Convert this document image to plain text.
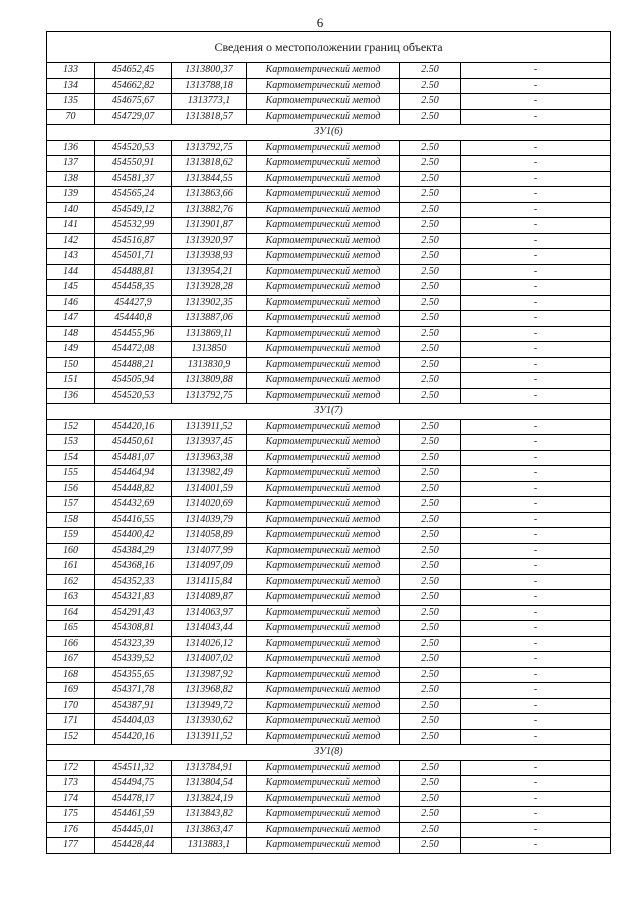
6
Сведения о местоположении границ объекта					
133	454652,45	1313800,37	Картометрический метод	2.50	-
134	454662,82	1313788,18	Картометрический метод	2.50	-
135	454675,67	1313773,1	Картометрический метод	2.50	-
70	454729,07	1313818,57	Картометрический метод	2.50	-
ЗУ1(6)					
136	454520,53	1313792,75	Картометрический метод	2.50	-
137	454550,91	1313818,62	Картометрический метод	2.50	-
138	454581,37	1313844,55	Картометрический метод	2.50	-
139	454565,24	1313863,66	Картометрический метод	2.50	-
140	454549,12	1313882,76	Картометрический метод	2.50	-
141	454532,99	1313901,87	Картометрический метод	2.50	-
142	454516,87	1313920,97	Картометрический метод	2.50	-
143	454501,71	1313938,93	Картометрический метод	2.50	-
144	454488,81	1313954,21	Картометрический метод	2.50	-
145	454458,35	1313928,28	Картометрический метод	2.50	-
146	454427,9	1313902,35	Картометрический метод	2.50	-
147	454440,8	1313887,06	Картометрический метод	2.50	-
148	454455,96	1313869,11	Картометрический метод	2.50	-
149	454472,08	1313850	Картометрический метод	2.50	-
150	454488,21	1313830,9	Картометрический метод	2.50	-
151	454505,94	1313809,88	Картометрический метод	2.50	-
136	454520,53	1313792,75	Картометрический метод	2.50	-
ЗУ1(7)					
152	454420,16	1313911,52	Картометрический метод	2.50	-
153	454450,61	1313937,45	Картометрический метод	2.50	-
154	454481,07	1313963,38	Картометрический метод	2.50	-
155	454464,94	1313982,49	Картометрический метод	2.50	-
156	454448,82	1314001,59	Картометрический метод	2.50	-
157	454432,69	1314020,69	Картометрический метод	2.50	-
158	454416,55	1314039,79	Картометрический метод	2.50	-
159	454400,42	1314058,89	Картометрический метод	2.50	-
160	454384,29	1314077,99	Картометрический метод	2.50	-
161	454368,16	1314097,09	Картометрический метод	2.50	-
162	454352,33	1314115,84	Картометрический метод	2.50	-
163	454321,83	1314089,87	Картометрический метод	2.50	-
164	454291,43	1314063,97	Картометрический метод	2.50	-
165	454308,81	1314043,44	Картометрический метод	2.50	-
166	454323,39	1314026,12	Картометрический метод	2.50	-
167	454339,52	1314007,02	Картометрический метод	2.50	-
168	454355,65	1313987,92	Картометрический метод	2.50	-
169	454371,78	1313968,82	Картометрический метод	2.50	-
170	454387,91	1313949,72	Картометрический метод	2.50	-
171	454404,03	1313930,62	Картометрический метод	2.50	-
152	454420,16	1313911,52	Картометрический метод	2.50	-
ЗУ1(8)					
172	454511,32	1313784,91	Картометрический метод	2.50	-
173	454494,75	1313804,54	Картометрический метод	2.50	-
174	454478,17	1313824,19	Картометрический метод	2.50	-
175	454461,59	1313843,82	Картометрический метод	2.50	-
176	454445,01	1313863,47	Картометрический метод	2.50	-
177	454428,44	1313883,1	Картометрический метод	2.50	-
